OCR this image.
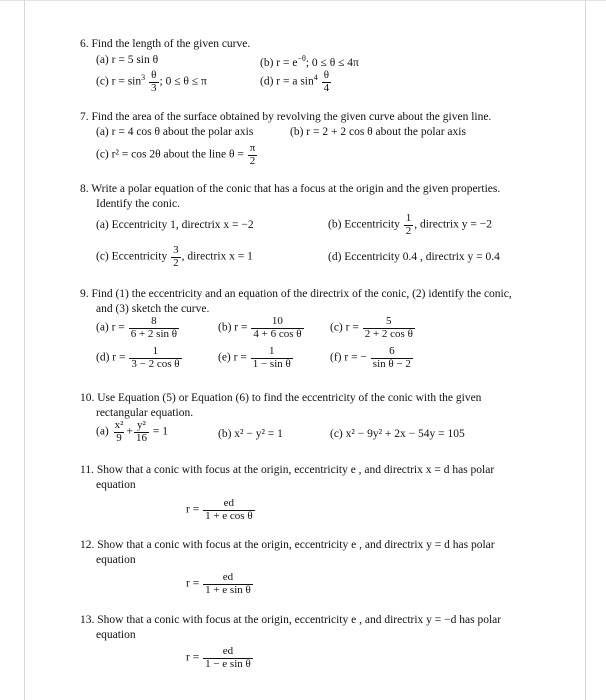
6. Find the length of the given curve.
(a) r = 5 sin θ	(b) $r = e^{-\theta}$; 0 ≤ θ ≤ 4π
(c) $r = \sin^3 \frac{\theta}{3}$ ; 0 ≤ θ ≤ π	(d) r = a $\sin^4 \frac{\theta}{4}$
7. Find the area of the surface obtained by revolving the given curve about the given line.
(a) r = 4 cos θ about the polar axis	(b) r = 2 + 2 cos θ about the polar axis
(c) r² = cos 2θ about the line $\theta = \frac{\pi}{2}$
8. Write a polar equation of the conic that has a focus at the origin and the given properties.
Identify the conic.
(a) Eccentricity 1, directrix x = −2	(b) Eccentricity $\frac{1}{2}$ , directrix y = −2
(c) Eccentricity $\frac{3}{2}$ , directrix x = 1	(d) Eccentricity 0.4 , directrix y = 0.4
9. Find (1) the eccentricity and an equation of the directrix of the conic, (2) identify the conic,
and (3) sketch the curve.
(a) $r = \frac{8}{\text{6 + 2 sin θ}}$	(b) $r = \frac{10}{\text{4 + 6 cos θ}} (c) r = \frac{5}{\text{2 + 2 cos θ}}$
(d) $r = \frac{1}{\text{3 − 2 cos θ}}$	(e) $r = \frac{1}{\text{1 − sin θ}}$	(f) r = − $\frac{6}{\text{sin θ − 2}}$
10. Use Equation (5) or Equation (6) to find the eccentricity of the conic with the given
rectangular equation.
$(a) \frac{\text{x²}}{9} + \frac{\text{y²}}{16} = 1$	(b) x² − y² = 1	(c) x² − 9y² + 2x − 54y = 105
11. Show that a conic with focus at the origin, eccentricity e , and directrix x = d has polar
equation
$r = \frac{ed}{\text{1 + e cos θ}}$
12. Show that a conic with focus at the origin, eccentricity e , and directrix y = d has polar
equation
$r = \frac{ed}{\text{1 + e sin θ}}$
13. Show that a conic with focus at the origin, eccentricity e , and directrix y = −d has polar
equation
$r = \frac{ed}{\text{1 − e sin θ}}$
